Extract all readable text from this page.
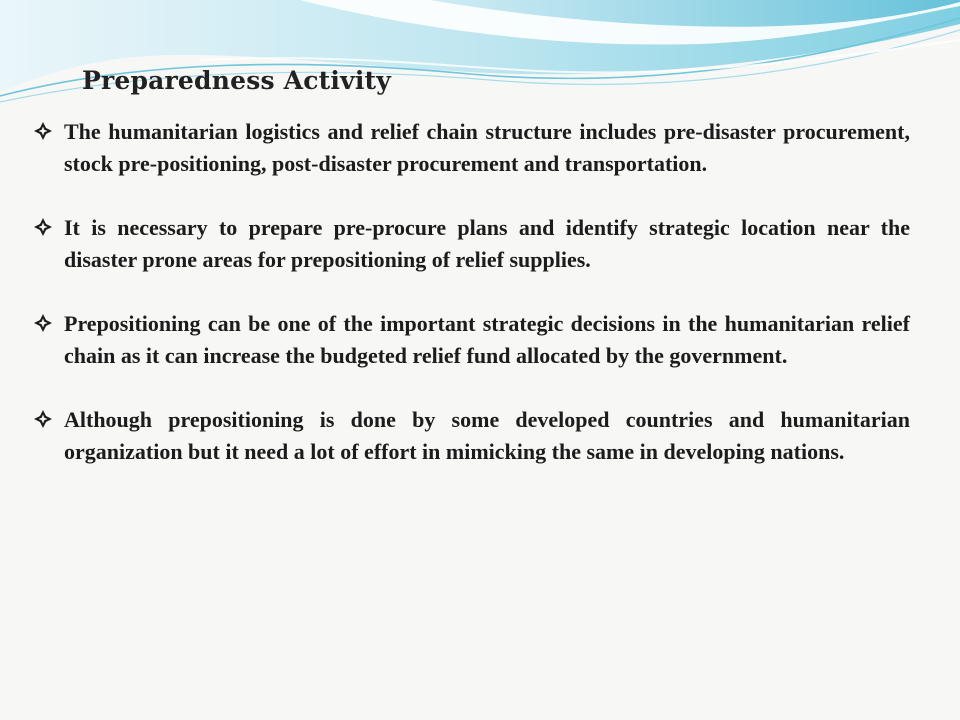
Preparedness Activity
The humanitarian logistics and relief chain structure includes pre-disaster procurement, stock pre-positioning, post-disaster procurement and transportation.
It is necessary to prepare pre-procure plans and identify strategic location near the disaster prone areas for prepositioning of relief supplies.
Prepositioning can be one of the important strategic decisions in the humanitarian relief chain as it can increase the budgeted relief fund allocated by the government.
Although prepositioning is done by some developed countries and humanitarian organization but it need a lot of effort in mimicking the same in developing nations.
